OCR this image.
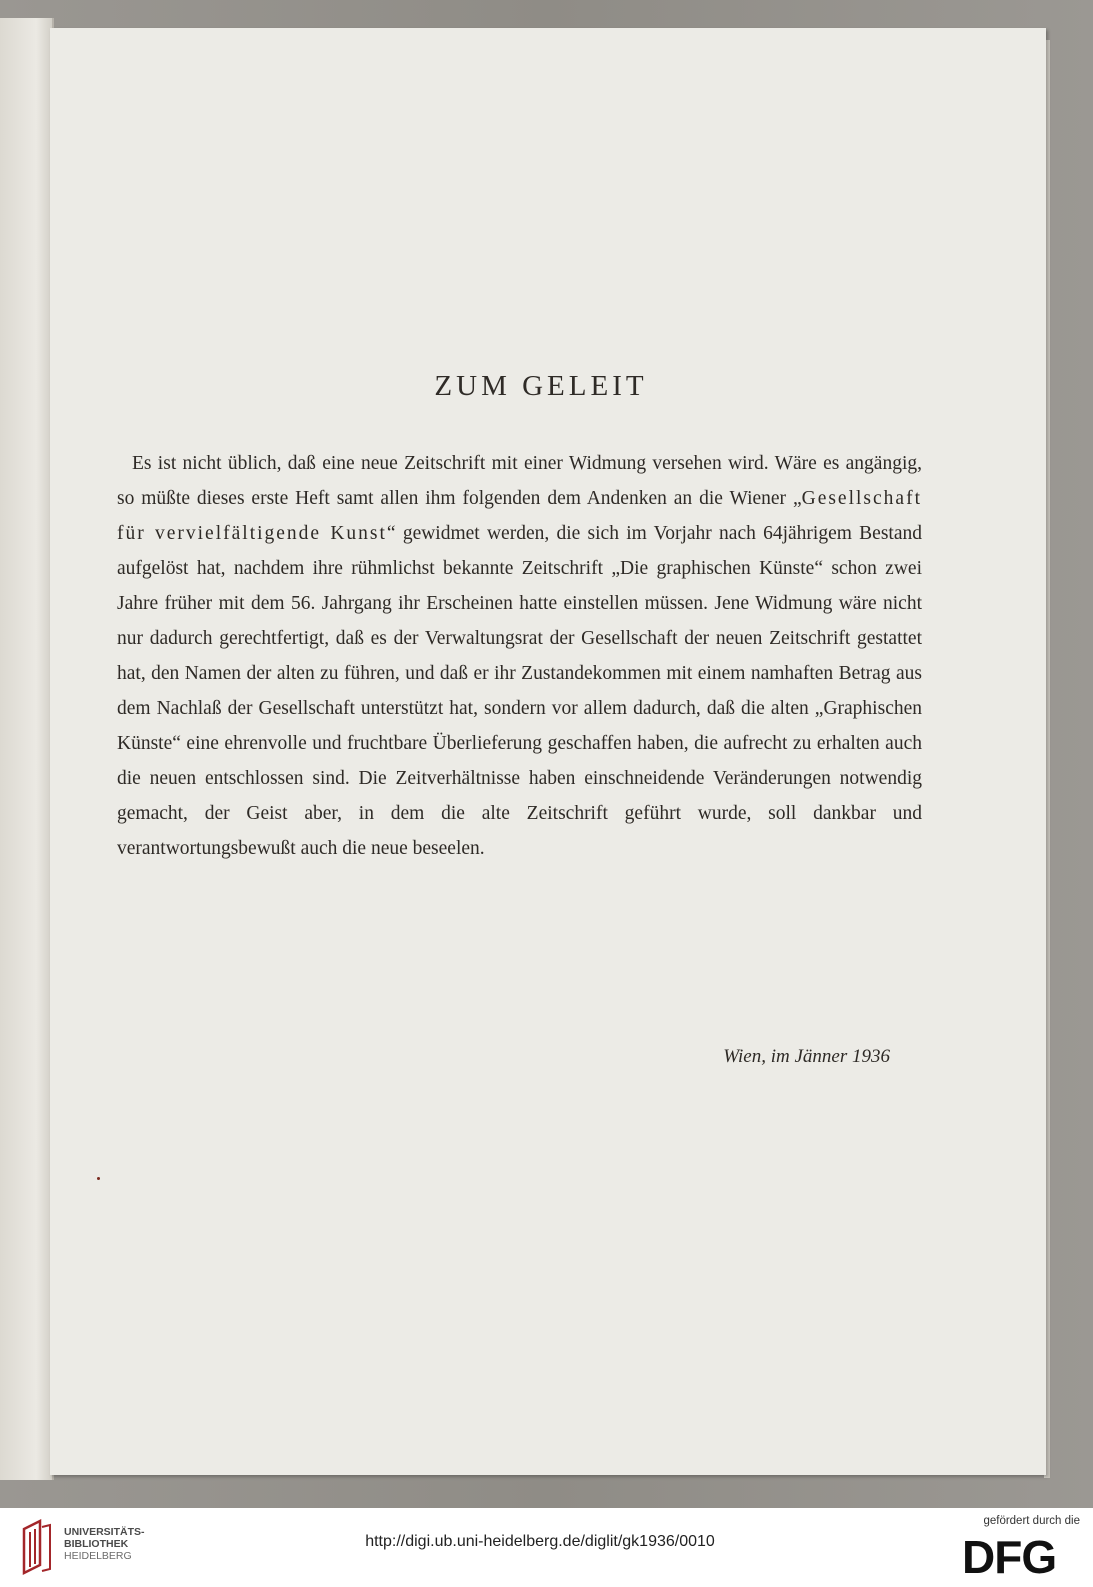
ZUM GELEIT

Es ist nicht üblich, daß eine neue Zeitschrift mit einer Widmung versehen wird. Wäre es angängig, so müßte dieses erste Heft samt allen ihm folgenden dem Andenken an die Wiener „Gesellschaft für vervielfältigende Kunst“ gewidmet werden, die sich im Vorjahr nach 64jährigem Bestand aufgelöst hat, nachdem ihre rühmlichst bekannte Zeitschrift „Die graphischen Künste“ schon zwei Jahre früher mit dem 56. Jahrgang ihr Erscheinen hatte einstellen müssen. Jene Widmung wäre nicht nur dadurch gerechtfertigt, daß es der Verwaltungsrat der Gesellschaft der neuen Zeitschrift gestattet hat, den Namen der alten zu führen, und daß er ihr Zustandekommen mit einem namhaften Betrag aus dem Nachlaß der Gesellschaft unterstützt hat, sondern vor allem dadurch, daß die alten „Graphischen Künste“ eine ehrenvolle und fruchtbare Überlieferung geschaffen haben, die aufrecht zu erhalten auch die neuen entschlossen sind. Die Zeitverhältnisse haben einschneidende Veränderungen notwendig gemacht, der Geist aber, in dem die alte Zeitschrift geführt wurde, soll dankbar und verantwortungsbewußt auch die neue beseelen.

Wien, im Jänner 1936

UNIVERSITÄTS-
BIBLIOTHEK
HEIDELBERG
http://digi.ub.uni-heidelberg.de/diglit/gk1936/0010
gefördert durch die
DFG
